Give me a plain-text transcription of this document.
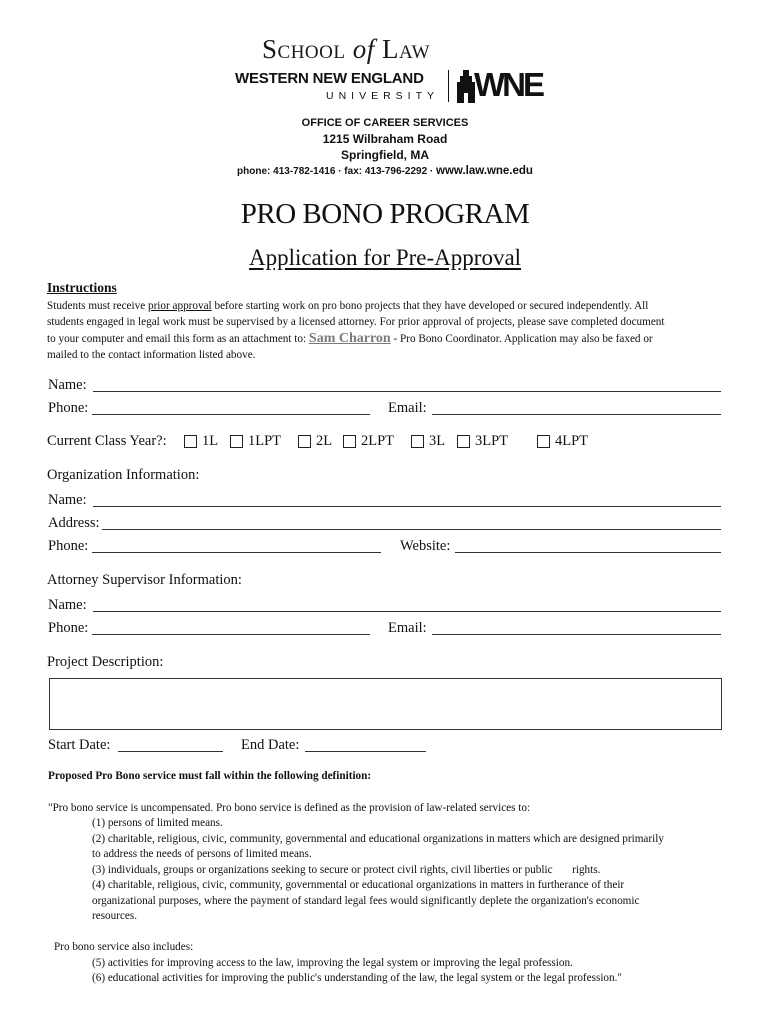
School of Law
WESTERN NEW ENGLAND
UNIVERSITY WNE
OFFICE OF CAREER SERVICES
1215 Wilbraham Road
Springfield, MA
phone: 413-782-1416 · fax: 413-796-2292 · www.law.wne.edu
PRO BONO PROGRAM
Application for Pre-Approval
Instructions
Students must receive prior approval before starting work on pro bono projects that they have developed or secured independently. All
students engaged in legal work must be supervised by a licensed attorney. For prior approval of projects, please save completed document
to your computer and email this form as an attachment to: Sam Charron - Pro Bono Coordinator. Application may also be faxed or
mailed to the contact information listed above.
Name:
Phone:	Email:
Current Class Year?: 1L 1LPT 2L 2LPT 3L 3LPT	4LPT
Organization Information:
Name:
Address:
Phone:	Website:
Attorney Supervisor Information:
Name:
Phone:	Email:
Project Description:
Start Date:	End Date:
Proposed Pro Bono service must fall within the following definition:
"Pro bono service is uncompensated. Pro bono service is defined as the provision of law-related services to:
(1) persons of limited means.
(2) charitable, religious, civic, community, governmental and educational organizations in matters which are designed primarily
to address the needs of persons of limited means.
(3) individuals, groups or organizations seeking to secure or protect civil rights, civil liberties or public       rights.
(4) charitable, religious, civic, community, governmental or educational organizations in matters in furtherance of their
organizational purposes, where the payment of standard legal fees would significantly deplete the organization's economic
resources.
Pro bono service also includes:
(5) activities for improving access to the law, improving the legal system or improving the legal profession.
(6) educational activities for improving the public's understanding of the law, the legal system or the legal profession."
